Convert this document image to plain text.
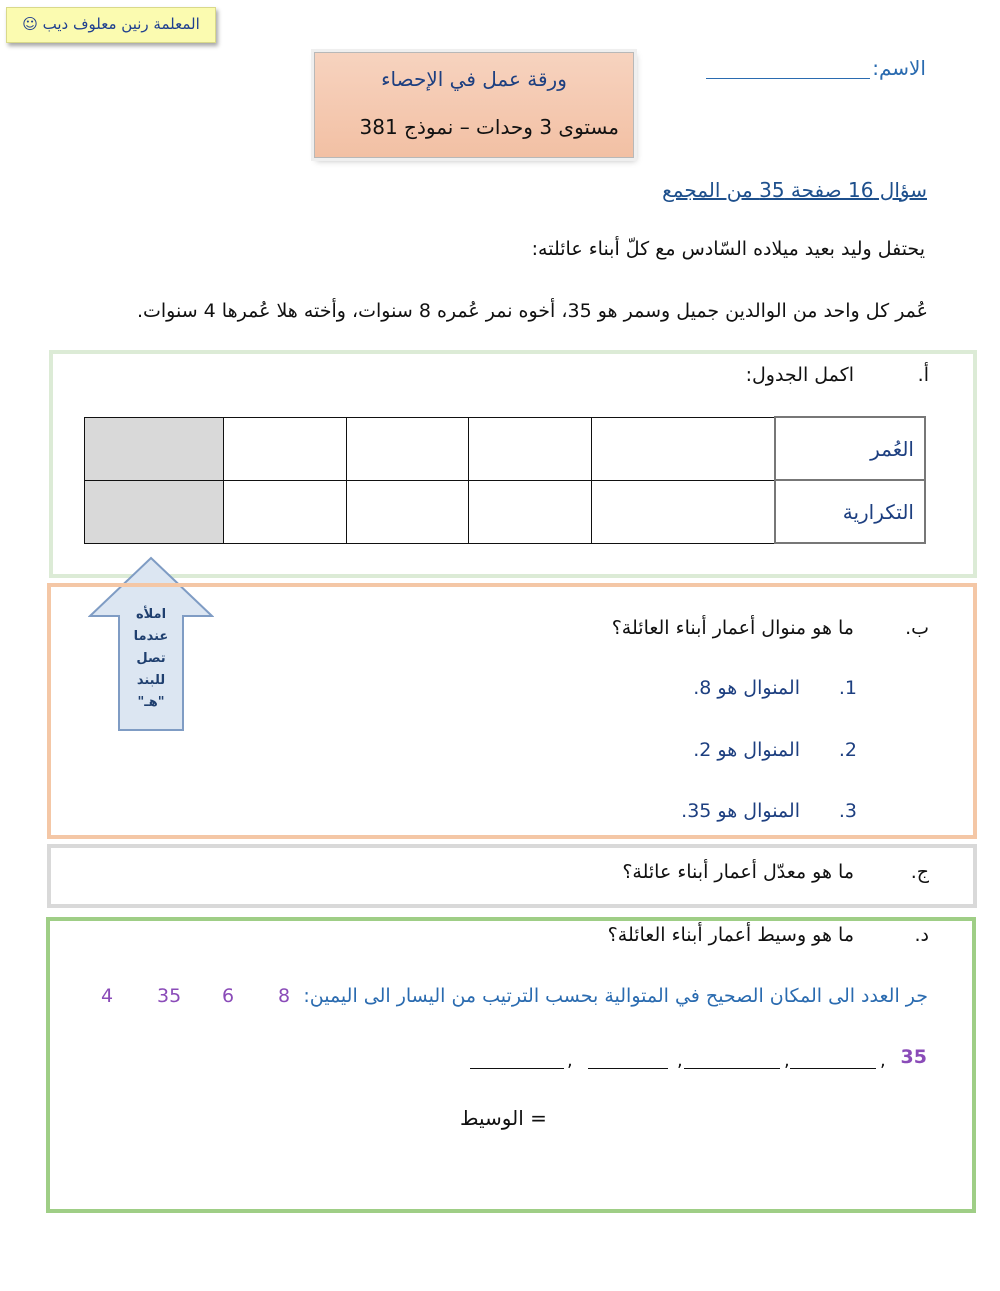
المعلمة رنين معلوف ديب ☺
ورقة عمل في الإحصاء
مستوى 3 وحدات – نموذج 381
الاسم:
سؤال 16 صفحة 35 من المجمع
يحتفل وليد بعيد ميلاده السّادس مع كلّ أبناء عائلته:
عُمر كل واحد من الوالدين جميل وسمر هو 35، أخوه نمر عُمره 8 سنوات، وأخته هلا عُمرها 4 سنوات.
أ.
اكمل الجدول:
العُمر					
التكرارية					
املأه
عندما
تصل
للبند
"هـ"
ب.
ما هو منوال أعمار أبناء العائلة؟
1.
المنوال هو 8.
2.
المنوال هو 2.
3.
المنوال هو 35.
ج.
ما هو معدّل أعمار أبناء عائلة؟
د.
ما هو وسيط أعمار أبناء العائلة؟
جر العدد الى المكان الصحيح في المتوالية بحسب الترتيب من اليسار الى اليمين:
8
6
35
4
35
,
,
,
,
= الوسيط
